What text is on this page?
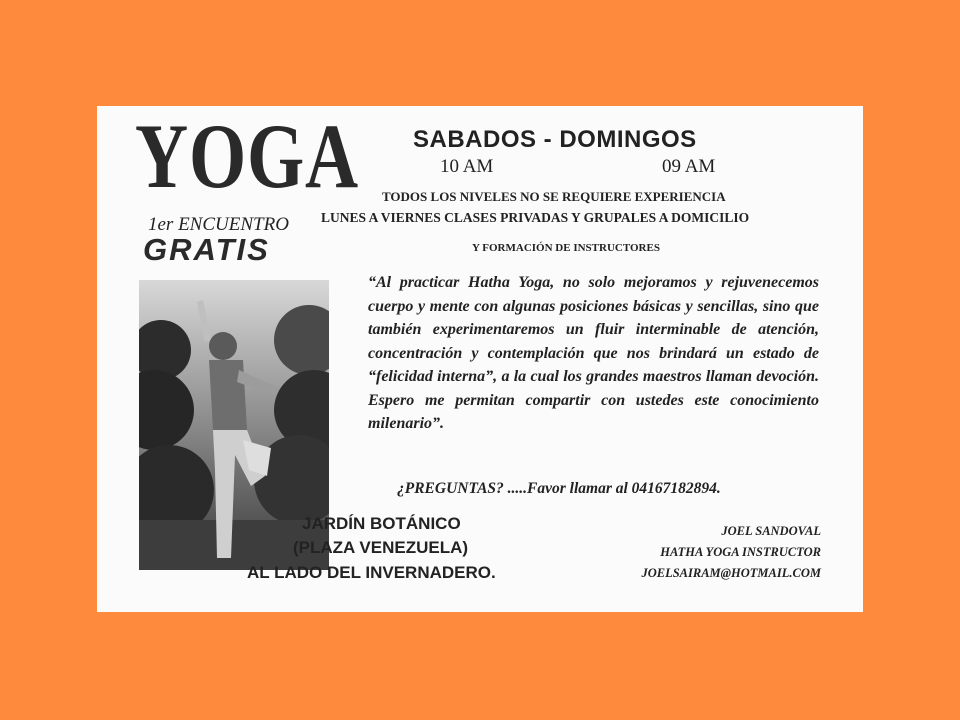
YOGA
1er ENCUENTRO
GRATIS
SABADOS - DOMINGOS
10 AM	09 AM
TODOS LOS NIVELES NO SE REQUIERE EXPERIENCIA
LUNES A VIERNES CLASES PRIVADAS Y GRUPALES A DOMICILIO
Y FORMACIÓN DE INSTRUCTORES
“Al practicar Hatha Yoga, no solo mejoramos y rejuvenecemos cuerpo y mente con algunas posiciones básicas y sencillas, sino que también experimentaremos un fluir interminable de atención, concentración y contemplación que nos brindará un estado de “felicidad interna”, a la cual los grandes maestros llaman devoción. Espero me permitan compartir con ustedes este conocimiento milenario”.
¿PREGUNTAS? .....Favor llamar al 04167182894.
JARDÍN BOTÁNICO
(PLAZA VENEZUELA)
AL LADO DEL INVERNADERO.
JOEL SANDOVAL
HATHA YOGA INSTRUCTOR
JOELSAIRAM@HOTMAIL.COM
